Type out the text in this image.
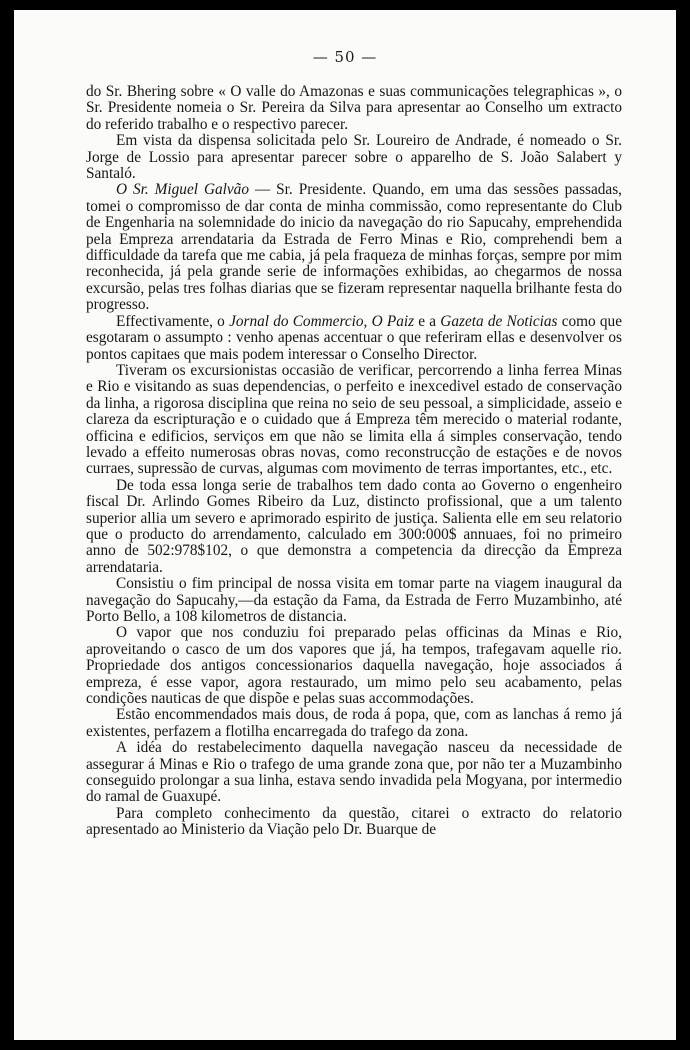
— 50 —

do Sr. Bhering sobre « O valle do Amazonas e suas communicações telegraphicas », o Sr. Presidente nomeia o Sr. Pereira da Silva para apresentar ao Conselho um extracto do referido trabalho e o respectivo parecer.

Em vista da dispensa solicitada pelo Sr. Loureiro de Andrade, é nomeado o Sr. Jorge de Lossio para apresentar parecer sobre o apparelho de S. João Salabert y Santaló.

O Sr. Miguel Galvão — Sr. Presidente. Quando, em uma das sessões passadas, tomei o compromisso de dar conta de minha commissão, como representante do Club de Engenharia na solemnidade do inicio da navegação do rio Sapucahy, emprehendida pela Empreza arrendataria da Estrada de Ferro Minas e Rio, comprehendi bem a difficuldade da tarefa que me cabia, já pela fraqueza de minhas forças, sempre por mim reconhecida, já pela grande serie de informações exhibidas, ao chegarmos de nossa excursão, pelas tres folhas diarias que se fizeram representar naquella brilhante festa do progresso.

Effectivamente, o Jornal do Commercio, O Paiz e a Gazeta de Noticias como que esgotaram o assumpto : venho apenas accentuar o que referiram ellas e desenvolver os pontos capitaes que mais podem interessar o Conselho Director.

Tiveram os excursionistas occasião de verificar, percorrendo a linha ferrea Minas e Rio e visitando as suas dependencias, o perfeito e inexcedivel estado de conservação da linha, a rigorosa disciplina que reina no seio de seu pessoal, a simplicidade, asseio e clareza da escripturação e o cuidado que á Empreza têm merecido o material rodante, officina e edificios, serviços em que não se limita ella á simples conservação, tendo levado a effeito numerosas obras novas, como reconstrucção de estações e de novos curraes, supressão de curvas, algumas com movimento de terras importantes, etc., etc.

De toda essa longa serie de trabalhos tem dado conta ao Governo o engenheiro fiscal Dr. Arlindo Gomes Ribeiro da Luz, distincto profissional, que a um talento superior allia um severo e aprimorado espirito de justiça. Salienta elle em seu relatorio que o producto do arrendamento, calculado em 300:000$ annuaes, foi no primeiro anno de 502:978$102, o que demonstra a competencia da direcção da Empreza arrendataria.

Consistiu o fim principal de nossa visita em tomar parte na viagem inaugural da navegação do Sapucahy,—da estação da Fama, da Estrada de Ferro Muzambinho, até Porto Bello, a 108 kilometros de distancia.

O vapor que nos conduziu foi preparado pelas officinas da Minas e Rio, aproveitando o casco de um dos vapores que já, ha tempos, trafegavam aquelle rio. Propriedade dos antigos concessionarios daquella navegação, hoje associados á empreza, é esse vapor, agora restaurado, um mimo pelo seu acabamento, pelas condições nauticas de que dispõe e pelas suas accommodações.

Estão encommendados mais dous, de roda á popa, que, com as lanchas á remo já existentes, perfazem a flotilha encarregada do trafego da zona.

A idéa do restabelecimento daquella navegação nasceu da necessidade de assegurar á Minas e Rio o trafego de uma grande zona que, por não ter a Muzambinho conseguido prolongar a sua linha, estava sendo invadida pela Mogyana, por intermedio do ramal de Guaxupé.

Para completo conhecimento da questão, citarei o extracto do relatorio apresentado ao Ministerio da Viação pelo Dr. Buarque de
